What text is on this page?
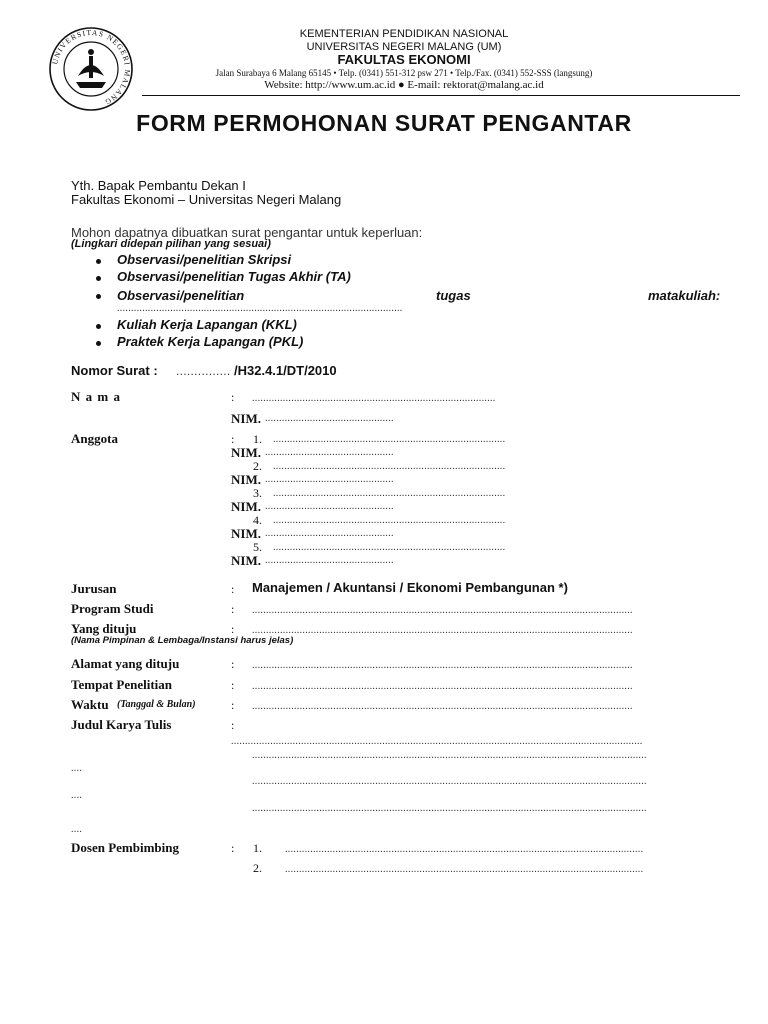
UNIVERSITAS NEGERI MALANG
KEMENTERIAN PENDIDIKAN NASIONAL
UNIVERSITAS NEGERI MALANG (UM)
FAKULTAS EKONOMI
Jalan Surabaya 6 Malang 65145 • Telp. (0341) 551-312 psw 271 • Telp./Fax. (0341) 552-SSS (langsung)
Website: http://www.um.ac.id ● E-mail: rektorat@malang.ac.id
FORM PERMOHONAN SURAT PENGANTAR
Yth. Bapak Pembantu Dekan I
Fakultas Ekonomi – Universitas Negeri Malang
Mohon dapatnya dibuatkan surat pengantar untuk keperluan:
(Lingkari didepan pilihan yang sesuai)
Observasi/penelitian Skripsi
Observasi/penelitian Tugas Akhir (TA)
Observasi/penelitian	tugas	matakuliah:
......................................................................................................
Kuliah Kerja Lapangan (KKL)
Praktek Kerja Lapangan (PKL)
Nomor Surat : ............... /H32.4.1/DT/2010
N a m a	: .......................................................................................
NIM. ..............................................
Anggota	: 1. ...................................................................................
NIM. ..............................................
2. ...................................................................................
NIM. ..............................................
3. ...................................................................................
NIM. ..............................................
4. ...................................................................................
NIM. ..............................................
5. ...................................................................................
NIM. ..............................................
Jurusan	: Manajemen / Akuntansi / Ekonomi Pembangunan *)
Program Studi	: ........................................................................................................................................
Yang dituju	: ........................................................................................................................................
(Nama Pimpinan & Lembaga/Instansi harus jelas)
Alamat yang dituju	: ........................................................................................................................................
Tempat Penelitian	: ........................................................................................................................................
Waktu (Tanggal & Bulan)	: ........................................................................................................................................
Judul Karya Tulis	:
...................................................................................................................................................
.............................................................................................................................................
....
.............................................................................................................................................
....
.............................................................................................................................................
....
Dosen Pembimbing	: 1. ................................................................................................................................
2. ................................................................................................................................
